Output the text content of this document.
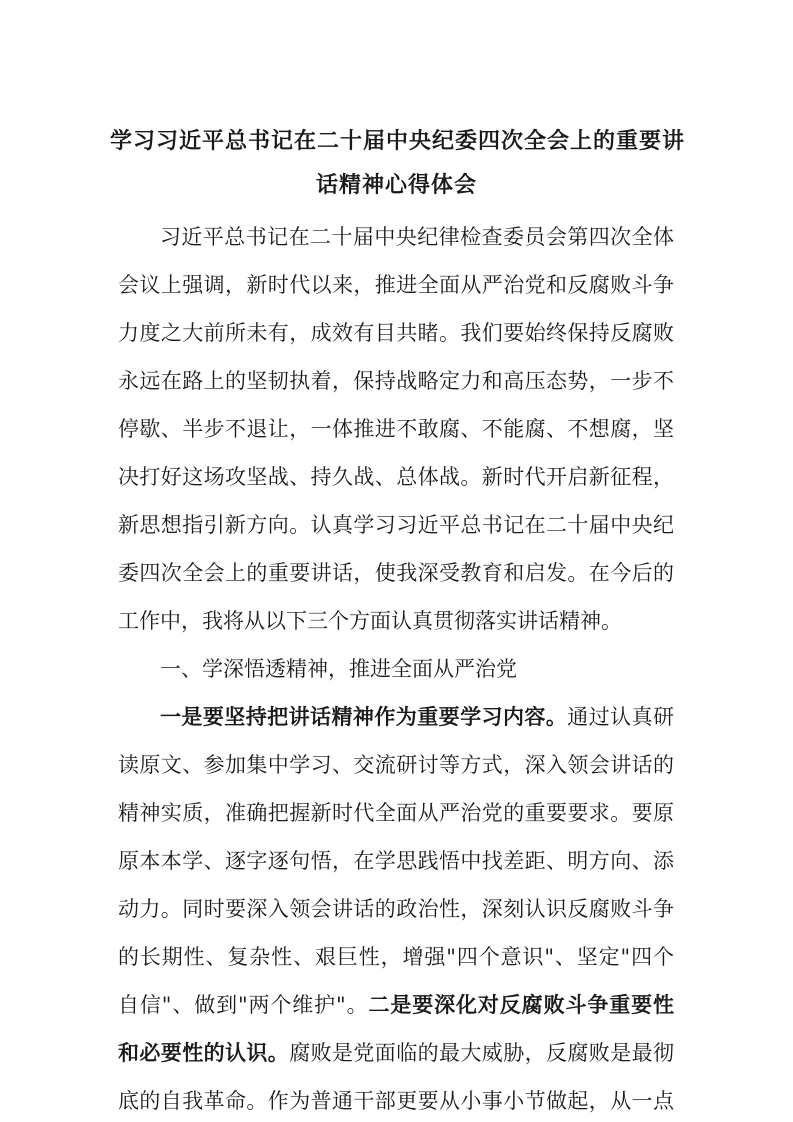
学习习近平总书记在二十届中央纪委四次全会上的重要讲
话精神心得体会
习近平总书记在二十届中央纪律检查委员会第四次全体
会议上强调，新时代以来，推进全面从严治党和反腐败斗争
力度之大前所未有，成效有目共睹。我们要始终保持反腐败
永远在路上的坚韧执着，保持战略定力和高压态势，一步不
停歇、半步不退让，一体推进不敢腐、不能腐、不想腐，坚
决打好这场攻坚战、持久战、总体战。新时代开启新征程，
新思想指引新方向。认真学习习近平总书记在二十届中央纪
委四次全会上的重要讲话，使我深受教育和启发。在今后的
工作中，我将从以下三个方面认真贯彻落实讲话精神。
一、学深悟透精神，推进全面从严治党
一是要坚持把讲话精神作为重要学习内容。通过认真研
读原文、参加集中学习、交流研讨等方式，深入领会讲话的
精神实质，准确把握新时代全面从严治党的重要要求。要原
原本本学、逐字逐句悟，在学思践悟中找差距、明方向、添
动力。同时要深入领会讲话的政治性，深刻认识反腐败斗争
的长期性、复杂性、艰巨性，增强"四个意识"、坚定"四个
自信"、做到"两个维护"。二是要深化对反腐败斗争重要性
和必要性的认识。腐败是党面临的最大威胁，反腐败是最彻
底的自我革命。作为普通干部更要从小事小节做起，从一点
